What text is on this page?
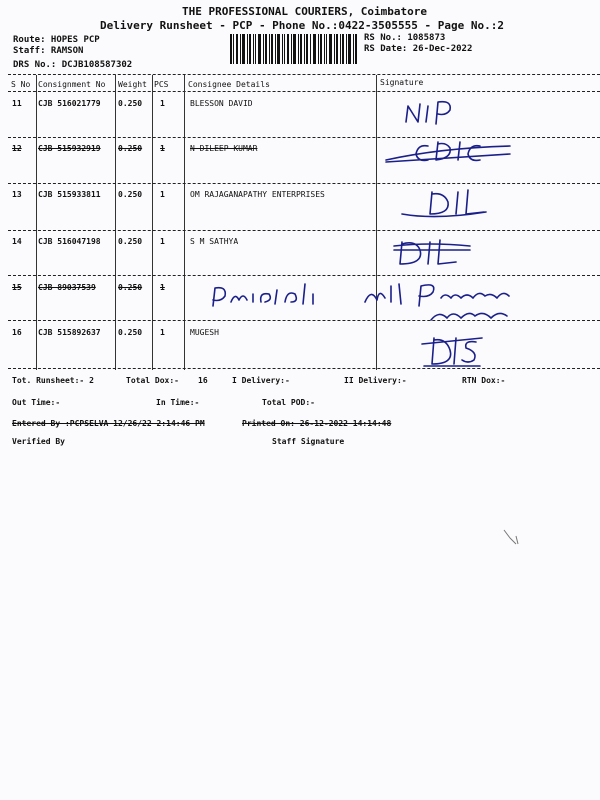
THE PROFESSIONAL COURIERS, Coimbatore
Delivery Runsheet - PCP - Phone No.:0422-3505555 - Page No.:2
Route: HOPES PCP
Staff: RAMSON
DRS No.: DCJB108587302
RS No.: 1085873
RS Date: 26-Dec-2022
S No Consignment No Weight PCS Consignee Details	Signature
11 CJB 516021779 0.250 1	BLESSON DAVID
12 CJB 515932919 0.250 1	N DILEEP KUMAR
13 CJB 515933811 0.250 1	OM RAJAGANAPATHY ENTERPRISES
14 CJB 516047198 0.250 1	S M SATHYA
15 CJB 89037539	0.250 1
16 CJB 515892637 0.250 1	MUGESH
Tot. Runsheet:- 2	Total Dox:- 16	I Delivery:-	II Delivery:-	RTN Dox:-
Out Time:-	In Time:-	Total POD:-
Entered By :PCPSELVA 12/26/22 2:14:46 PM	Printed On: 26-12-2022 14:14:48
Verified By	Staff Signature
